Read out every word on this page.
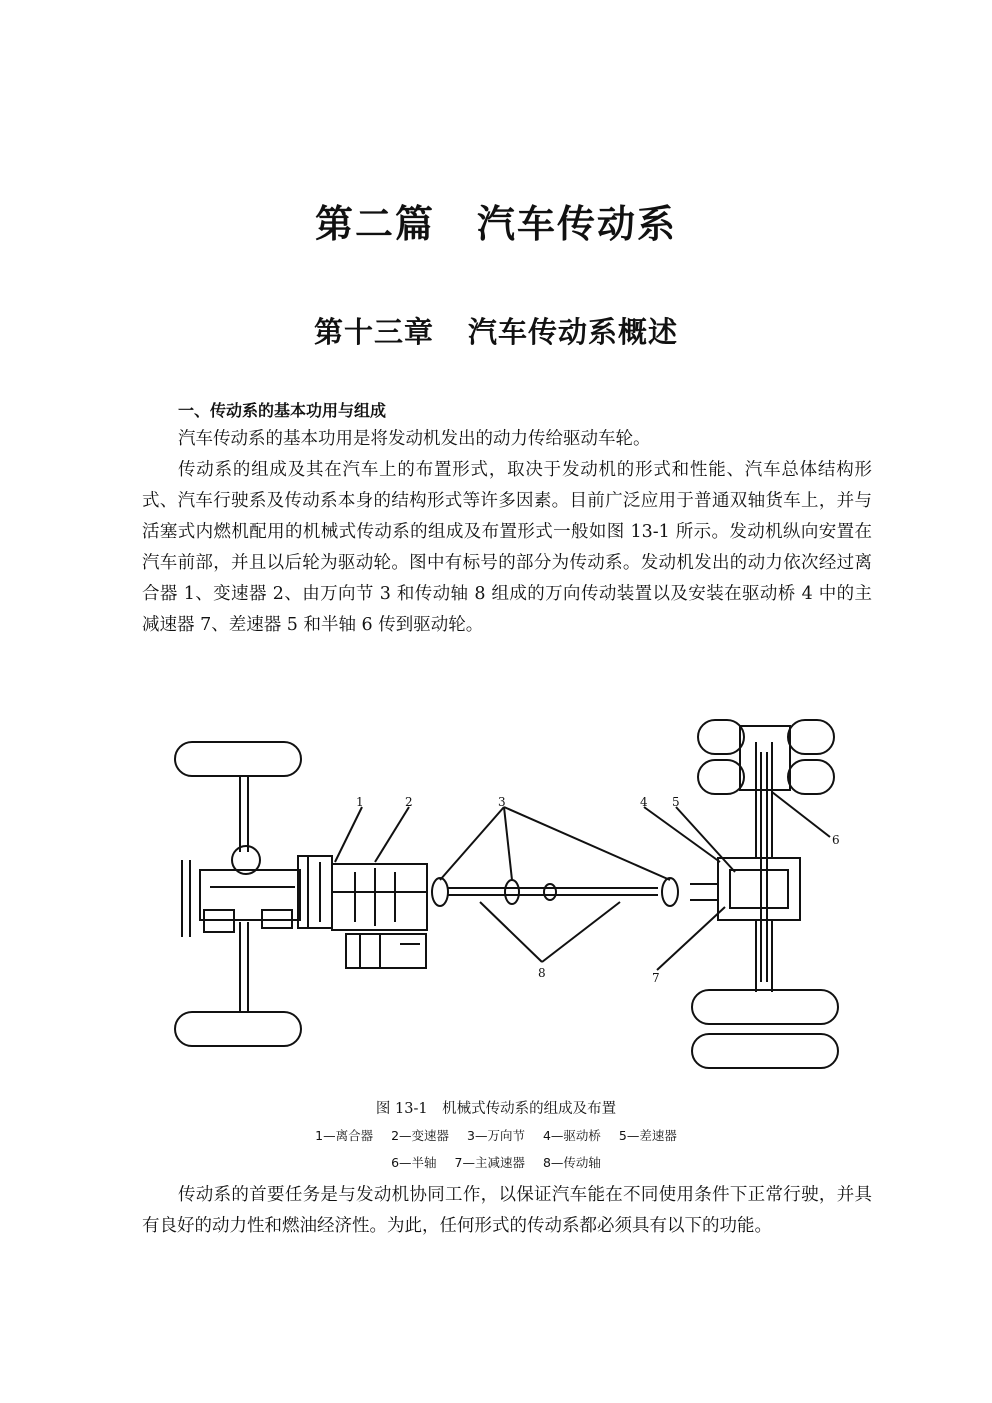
第二篇 汽车传动系
第十三章 汽车传动系概述
一、传动系的基本功用与组成

汽车传动系的基本功用是将发动机发出的动力传给驱动车轮。

传动系的组成及其在汽车上的布置形式，取决于发动机的形式和性能、汽车总体结构形式、汽车行驶系及传动系本身的结构形式等许多因素。目前广泛应用于普通双轴货车上，并与活塞式内燃机配用的机械式传动系的组成及布置形式一般如图 13-1 所示。发动机纵向安置在汽车前部，并且以后轮为驱动轮。图中有标号的部分为传动系。发动机发出的动力依次经过离合器 1、变速器 2、由万向节 3 和传动轴 8 组成的万向传动装置以及安装在驱动桥 4 中的主减速器 7、差速器 5 和半轴 6 传到驱动轮。

1	2	3	4 5
6
7
8
图 13-1　机械式传动系的组成及布置
1—离合器 2—变速器 3—万向节 4—驱动桥 5—差速器
6—半轴 7—主减速器 8—传动轴

传动系的首要任务是与发动机协同工作，以保证汽车能在不同使用条件下正常行驶，并具有良好的动力性和燃油经济性。为此，任何形式的传动系都必须具有以下的功能。
